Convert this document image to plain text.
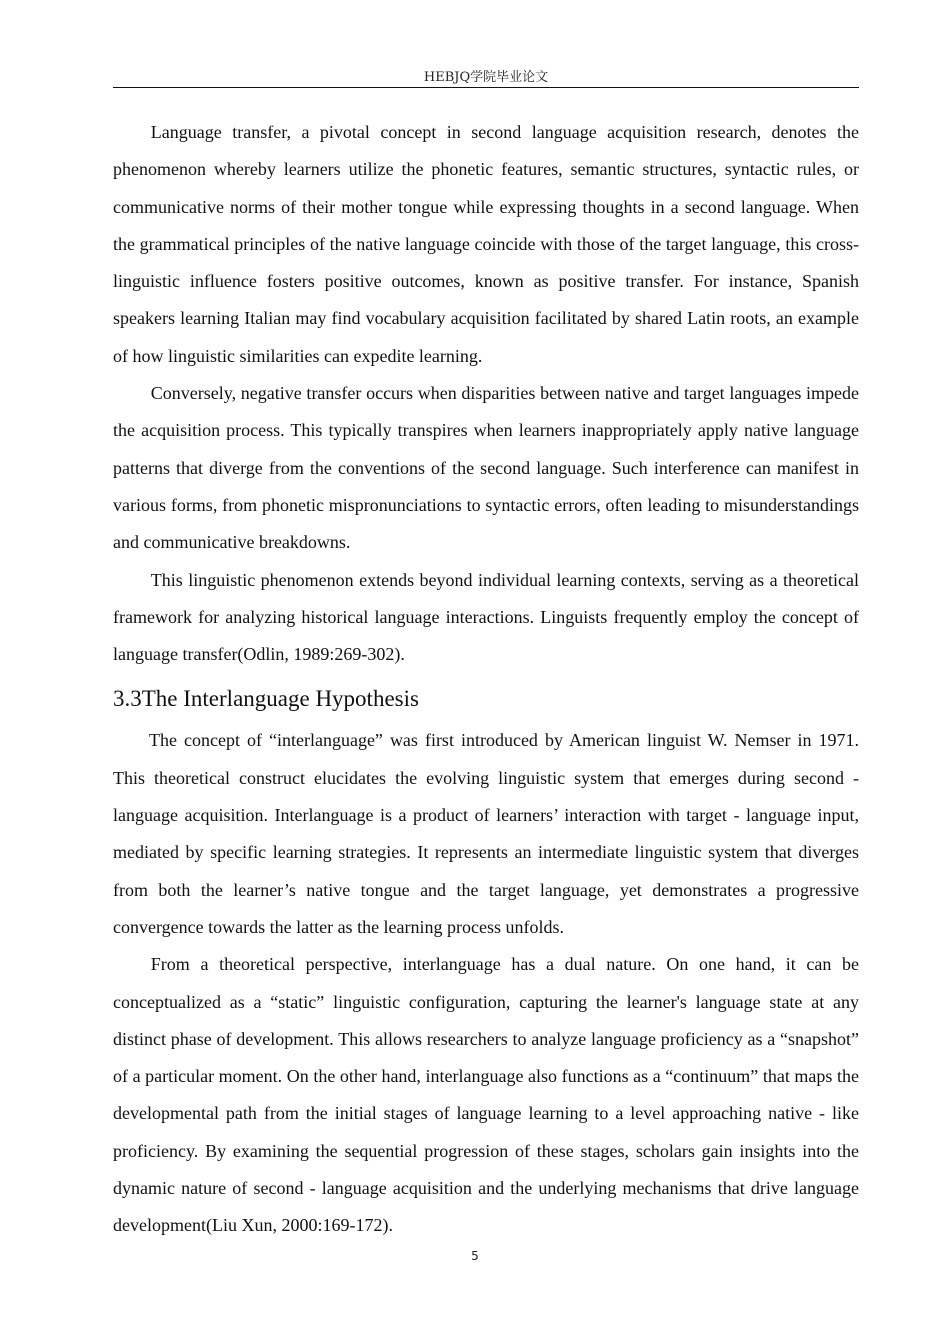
HEBJQ学院毕业论文

Language transfer, a pivotal concept in second language acquisition research, denotes the phenomenon whereby learners utilize the phonetic features, semantic structures, syntactic rules, or communicative norms of their mother tongue while expressing thoughts in a second language. When the grammatical principles of the native language coincide with those of the target language, this cross-linguistic influence fosters positive outcomes, known as positive transfer. For instance, Spanish speakers learning Italian may find vocabulary acquisition facilitated by shared Latin roots, an example of how linguistic similarities can expedite learning.

Conversely, negative transfer occurs when disparities between native and target languages impede the acquisition process. This typically transpires when learners inappropriately apply native language patterns that diverge from the conventions of the second language. Such interference can manifest in various forms, from phonetic mispronunciations to syntactic errors, often leading to misunderstandings and communicative breakdowns.

This linguistic phenomenon extends beyond individual learning contexts, serving as a theoretical framework for analyzing historical language interactions. Linguists frequently employ the concept of language transfer(Odlin, 1989:269-302).

3.3The Interlanguage Hypothesis

The concept of “interlanguage” was first introduced by American linguist W. Nemser in 1971. This theoretical construct elucidates the evolving linguistic system that emerges during second - language acquisition. Interlanguage is a product of learners’ interaction with target - language input, mediated by specific learning strategies. It represents an intermediate linguistic system that diverges from both the learner’s native tongue and the target language, yet demonstrates a progressive convergence towards the latter as the learning process unfolds.

From a theoretical perspective, interlanguage has a dual nature. On one hand, it can be conceptualized as a “static” linguistic configuration, capturing the learner's language state at any distinct phase of development. This allows researchers to analyze language proficiency as a “snapshot” of a particular moment. On the other hand, interlanguage also functions as a “continuum” that maps the developmental path from the initial stages of language learning to a level approaching native - like proficiency. By examining the sequential progression of these stages, scholars gain insights into the dynamic nature of second - language acquisition and the underlying mechanisms that drive language development(Liu Xun, 2000:169-172).

5
